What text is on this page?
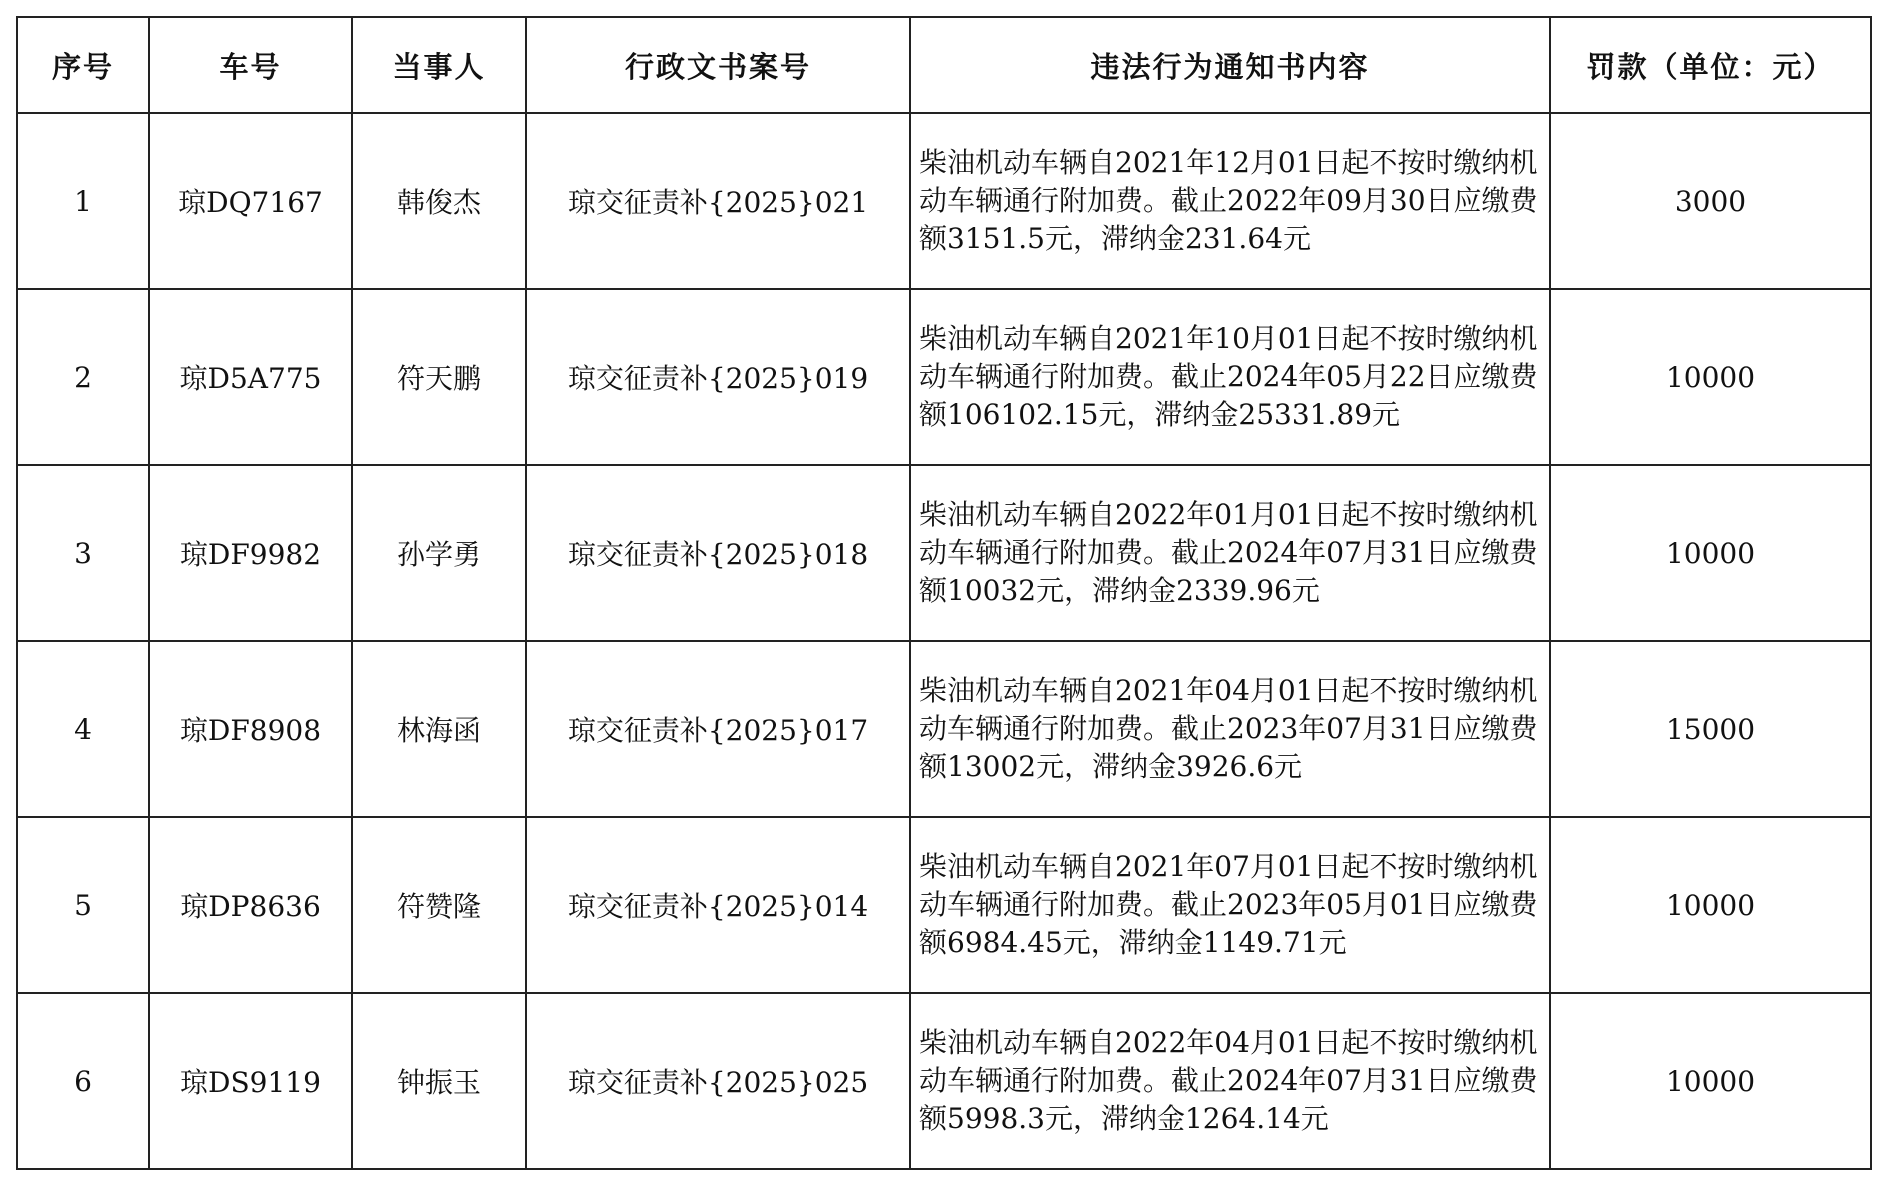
序号	车号	当事人	行政文书案号	违法行为通知书内容	罚款（单位：元）
1	琼DQ7167	韩俊杰	琼交征责补{2025}021	柴油机动车辆自2021年12月01日起不按时缴纳机动车辆通行附加费。截止2022年09月30日应缴费额3151.5元，滞纳金231.64元	3000
2	琼D5A775	符天鹏	琼交征责补{2025}019	柴油机动车辆自2021年10月01日起不按时缴纳机动车辆通行附加费。截止2024年05月22日应缴费额106102.15元，滞纳金25331.89元	10000
3	琼DF9982	孙学勇	琼交征责补{2025}018	柴油机动车辆自2022年01月01日起不按时缴纳机动车辆通行附加费。截止2024年07月31日应缴费额10032元，滞纳金2339.96元	10000
4	琼DF8908	林海函	琼交征责补{2025}017	柴油机动车辆自2021年04月01日起不按时缴纳机动车辆通行附加费。截止2023年07月31日应缴费额13002元，滞纳金3926.6元	15000
5	琼DP8636	符赞隆	琼交征责补{2025}014	柴油机动车辆自2021年07月01日起不按时缴纳机动车辆通行附加费。截止2023年05月01日应缴费额6984.45元，滞纳金1149.71元	10000
6	琼DS9119	钟振玉	琼交征责补{2025}025	柴油机动车辆自2022年04月01日起不按时缴纳机动车辆通行附加费。截止2024年07月31日应缴费额5998.3元，滞纳金1264.14元	10000
